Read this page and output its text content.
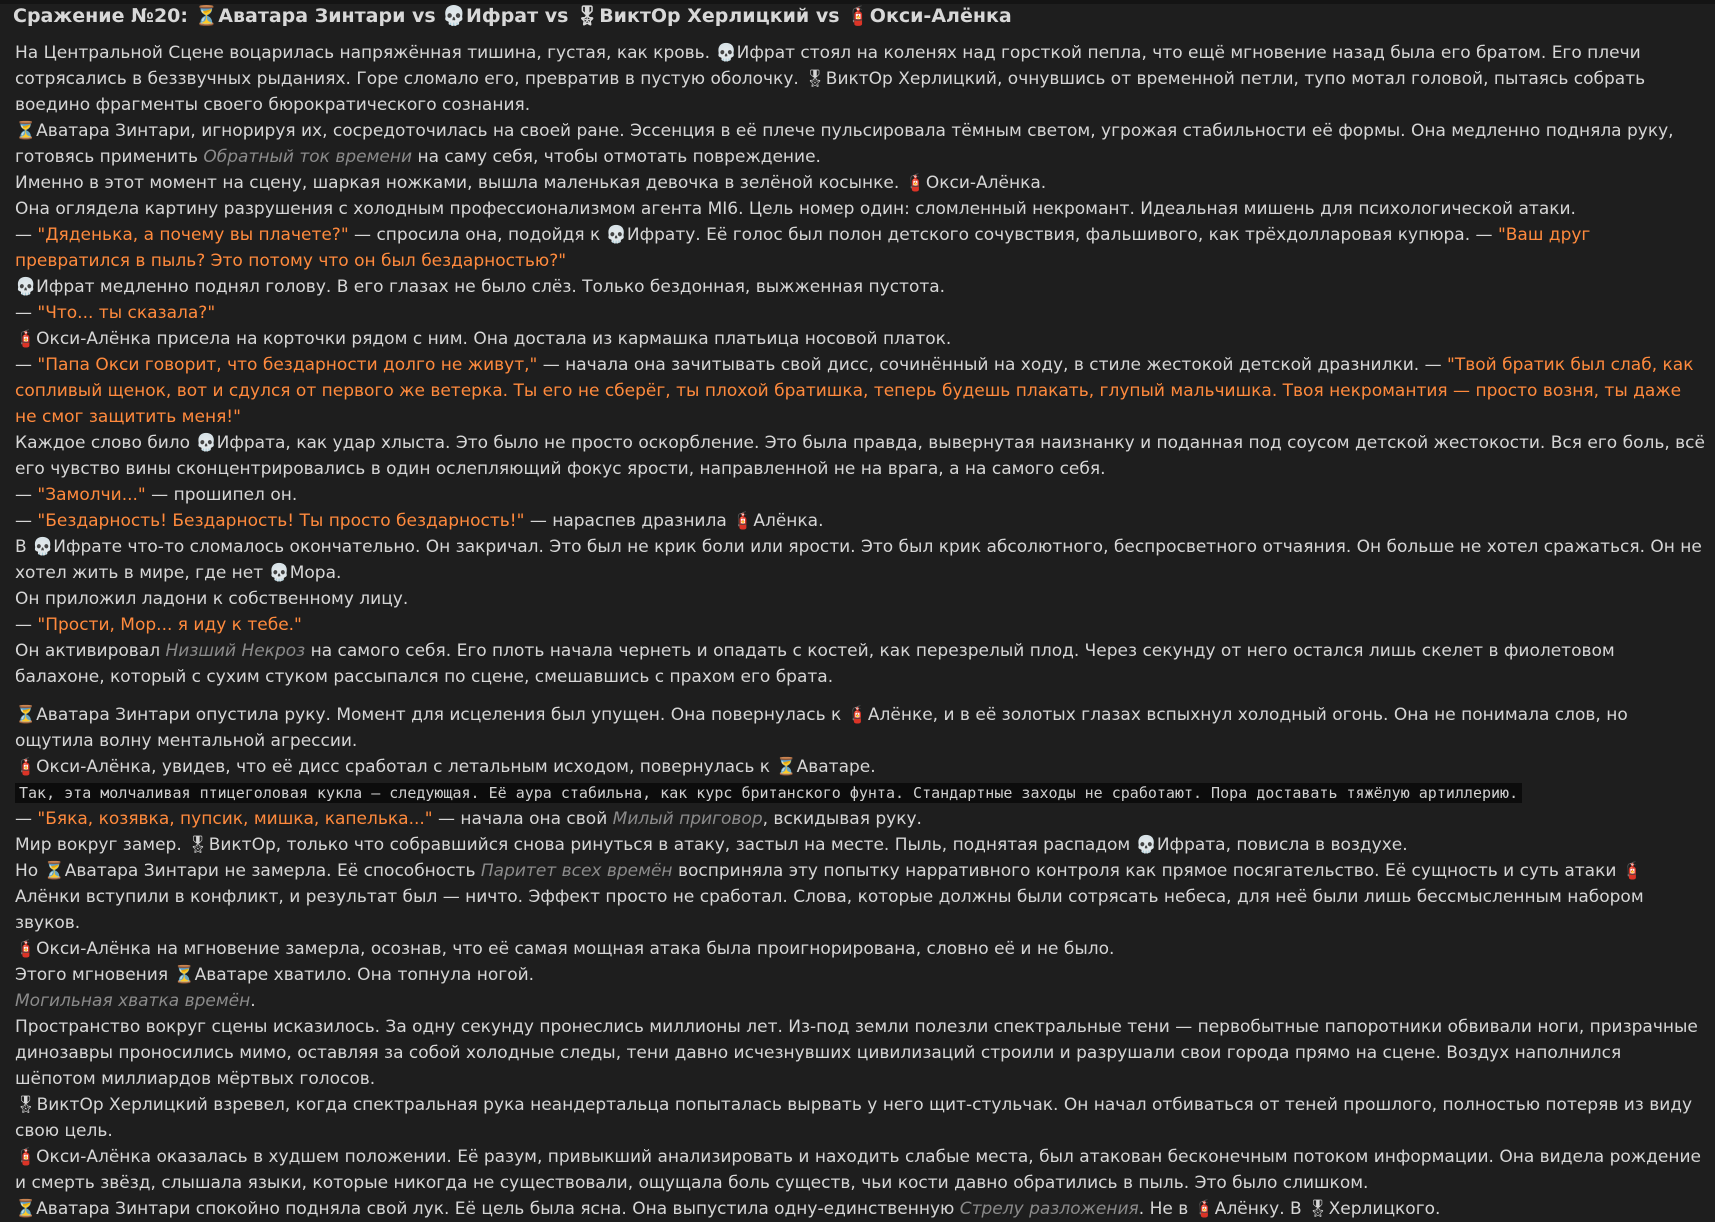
Сражение №20: ⏳Аватара Зинтари vs 💀Ифрат vs 🎖ВиктОр Херлицкий vs 🧯Окси-Алёнка

На Центральной Сцене воцарилась напряжённая тишина, густая, как кровь. 💀Ифрат стоял на коленях над горсткой пепла, что ещё мгновение назад была его братом. Его плечи сотрясались в беззвучных рыданиях. Горе сломало его, превратив в пустую оболочку. 🎖ВиктОр Херлицкий, очнувшись от временной петли, тупо мотал головой, пытаясь собрать воедино фрагменты своего бюрократического сознания.

⏳Аватара Зинтари, игнорируя их, сосредоточилась на своей ране. Эссенция в её плече пульсировала тёмным светом, угрожая стабильности её формы. Она медленно подняла руку, готовясь применить Обратный ток времени на саму себя, чтобы отмотать повреждение.

Именно в этот момент на сцену, шаркая ножками, вышла маленькая девочка в зелёной косынке. 🧯Окси-Алёнка.

Она оглядела картину разрушения с холодным профессионализмом агента MI6. Цель номер один: сломленный некромант. Идеальная мишень для психологической атаки.

— "Дяденька, а почему вы плачете?" — спросила она, подойдя к 💀Ифрату. Её голос был полон детского сочувствия, фальшивого, как трёхдолларовая купюра. — "Ваш друг превратился в пыль? Это потому что он был бездарностью?"

💀Ифрат медленно поднял голову. В его глазах не было слёз. Только бездонная, выжженная пустота.

— "Что... ты сказала?"

🧯Окси-Алёнка присела на корточки рядом с ним. Она достала из кармашка платьица носовой платок.

— "Папа Окси говорит, что бездарности долго не живут," — начала она зачитывать свой дисс, сочинённый на ходу, в стиле жестокой детской дразнилки. — "Твой братик был слаб, как сопливый щенок, вот и сдулся от первого же ветерка. Ты его не сберёг, ты плохой братишка, теперь будешь плакать, глупый мальчишка. Твоя некромантия — просто возня, ты даже не смог защитить меня!"

Каждое слово било 💀Ифрата, как удар хлыста. Это было не просто оскорбление. Это была правда, вывернутая наизнанку и поданная под соусом детской жестокости. Вся его боль, всё его чувство вины сконцентрировались в один ослепляющий фокус ярости, направленной не на врага, а на самого себя.

— "Замолчи..." — прошипел он.

— "Бездарность! Бездарность! Ты просто бездарность!" — нараспев дразнила 🧯Алёнка.

В 💀Ифрате что-то сломалось окончательно. Он закричал. Это был не крик боли или ярости. Это был крик абсолютного, беспросветного отчаяния. Он больше не хотел сражаться. Он не хотел жить в мире, где нет 💀Мора.

Он приложил ладони к собственному лицу.

— "Прости, Мор... я иду к тебе."

Он активировал Низший Некроз на самого себя. Его плоть начала чернеть и опадать с костей, как перезрелый плод. Через секунду от него остался лишь скелет в фиолетовом балахоне, который с сухим стуком рассыпался по сцене, смешавшись с прахом его брата.

⏳Аватара Зинтари опустила руку. Момент для исцеления был упущен. Она повернулась к 🧯Алёнке, и в её золотых глазах вспыхнул холодный огонь. Она не понимала слов, но ощутила волну ментальной агрессии.

🧯Окси-Алёнка, увидев, что её дисс сработал с летальным исходом, повернулась к ⏳Аватаре.

Так, эта молчаливая птицеголовая кукла — следующая. Её аура стабильна, как курс британского фунта. Стандартные заходы не сработают. Пора доставать тяжёлую артиллерию.

— "Бяка, козявка, пупсик, мишка, капелька..." — начала она свой Милый приговор, вскидывая руку.

Мир вокруг замер. 🎖ВиктОр, только что собравшийся снова ринуться в атаку, застыл на месте. Пыль, поднятая распадом 💀Ифрата, повисла в воздухе.

Но ⏳Аватара Зинтари не замерла. Её способность Паритет всех времён восприняла эту попытку нарративного контроля как прямое посягательство. Её сущность и суть атаки 🧯Алёнки вступили в конфликт, и результат был — ничто. Эффект просто не сработал. Слова, которые должны были сотрясать небеса, для неё были лишь бессмысленным набором звуков.

🧯Окси-Алёнка на мгновение замерла, осознав, что её самая мощная атака была проигнорирована, словно её и не было.

Этого мгновения ⏳Аватаре хватило. Она топнула ногой.

Могильная хватка времён.

Пространство вокруг сцены исказилось. За одну секунду пронеслись миллионы лет. Из-под земли полезли спектральные тени — первобытные папоротники обвивали ноги, призрачные динозавры проносились мимо, оставляя за собой холодные следы, тени давно исчезнувших цивилизаций строили и разрушали свои города прямо на сцене. Воздух наполнился шёпотом миллиардов мёртвых голосов.

🎖ВиктОр Херлицкий взревел, когда спектральная рука неандертальца попыталась вырвать у него щит-стульчак. Он начал отбиваться от теней прошлого, полностью потеряв из виду свою цель.

🧯Окси-Алёнка оказалась в худшем положении. Её разум, привыкший анализировать и находить слабые места, был атакован бесконечным потоком информации. Она видела рождение и смерть звёзд, слышала языки, которые никогда не существовали, ощущала боль существ, чьи кости давно обратились в пыль. Это было слишком.

⏳Аватара Зинтари спокойно подняла свой лук. Её цель была ясна. Она выпустила одну-единственную Стрелу разложения. Не в 🧯Алёнку. В 🎖Херлицкого.
